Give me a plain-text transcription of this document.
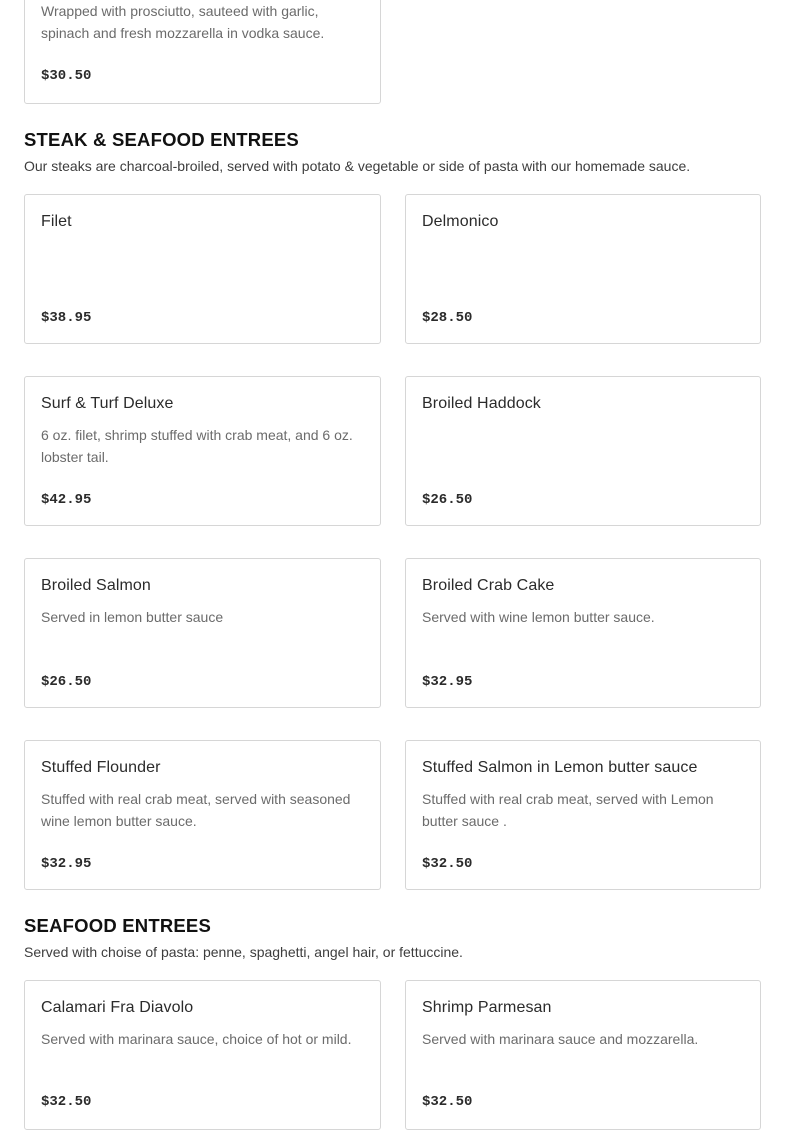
Wrapped with prosciutto, sauteed with garlic, spinach and fresh mozzarella in vodka sauce.
$30.50
STEAK & SEAFOOD ENTREES
Our steaks are charcoal-broiled, served with potato & vegetable or side of pasta with our homemade sauce.
Filet
$38.95
Delmonico
$28.50
Surf & Turf Deluxe
6 oz. filet, shrimp stuffed with crab meat, and 6 oz. lobster tail.
$42.95
Broiled Haddock
$26.50
Broiled Salmon
Served in lemon butter sauce
$26.50
Broiled Crab Cake
Served with wine lemon butter sauce.
$32.95
Stuffed Flounder
Stuffed with real crab meat, served with seasoned wine lemon butter sauce.
$32.95
Stuffed Salmon in Lemon butter sauce
Stuffed with real crab meat, served with Lemon butter sauce .
$32.50
SEAFOOD ENTREES
Served with choise of pasta: penne, spaghetti, angel hair, or fettuccine.
Calamari Fra Diavolo
Served with marinara sauce, choice of hot or mild.
$32.50
Shrimp Parmesan
Served with marinara sauce and mozzarella.
$32.50
